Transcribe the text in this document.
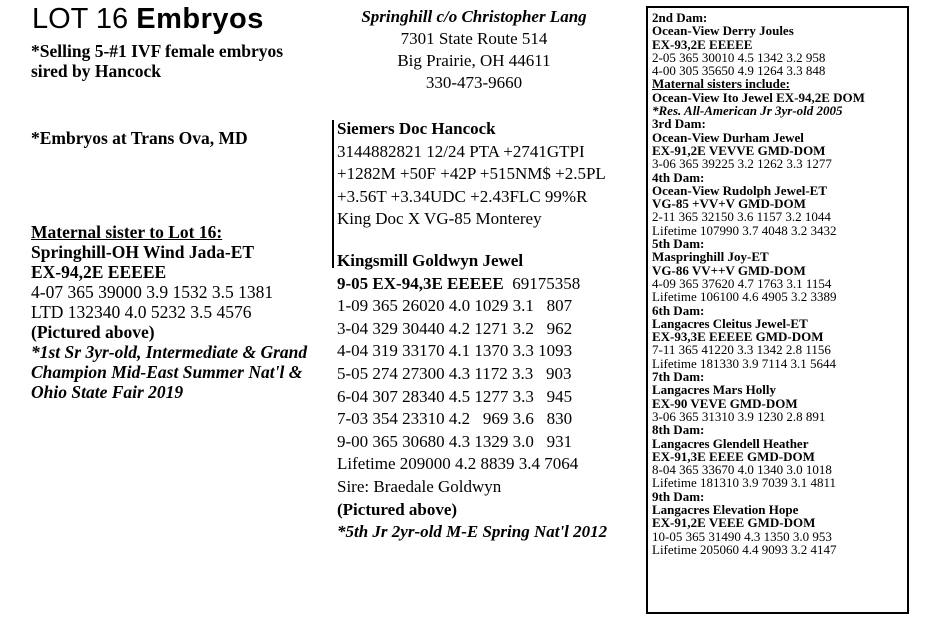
LOT 16 Embryos
*Selling 5-#1 IVF female embryos
sired by Hancock
*Embryos at Trans Ova, MD
Maternal sister to Lot 16:
Springhill-OH Wind Jada-ET
EX-94,2E EEEEE
4-07 365 39000 3.9 1532 3.5 1381
LTD 132340 4.0 5232 3.5 4576
(Pictured above)
*1st Sr 3yr-old, Intermediate & Grand
Champion Mid-East Summer Nat'l &
Ohio State Fair 2019
Springhill c/o Christopher Lang
7301 State Route 514
Big Prairie, OH 44611
330-473-9660
Siemers Doc Hancock
3144882821 12/24 PTA +2741GTPI
+1282M +50F +42P +515NM$ +2.5PL
+3.56T +3.34UDC +2.43FLC 99%R
King Doc X VG-85 Monterey
Kingsmill Goldwyn Jewel
9-05 EX-94,3E EEEEE 69175358
1-09 365 26020 4.0 1029 3.1   807
3-04 329 30440 4.2 1271 3.2   962
4-04 319 33170 4.1 1370 3.3 1093
5-05 274 27300 4.3 1172 3.3   903
6-04 307 28340 4.5 1277 3.3   945
7-03 354 23310 4.2   969 3.6   830
9-00 365 30680 4.3 1329 3.0   931
Lifetime 209000 4.2 8839 3.4 7064
Sire: Braedale Goldwyn
(Pictured above)
*5th Jr 2yr-old M-E Spring Nat'l 2012
2nd Dam:
Ocean-View Derry Joules
EX-93,2E EEEEE
2-05 365 30010 4.5 1342 3.2 958
4-00 305 35650 4.9 1264 3.3 848
Maternal sisters include:
Ocean-View Ito Jewel EX-94,2E DOM
*Res. All-American Jr 3yr-old 2005
3rd Dam:
Ocean-View Durham Jewel
EX-91,2E VEVVE GMD-DOM
3-06 365 39225 3.2 1262 3.3 1277
4th Dam:
Ocean-View Rudolph Jewel-ET
VG-85 +VV+V GMD-DOM
2-11 365 32150 3.6 1157 3.2 1044
Lifetime 107990 3.7 4048 3.2 3432
5th Dam:
Maspringhill Joy-ET
VG-86 VV++V GMD-DOM
4-09 365 37620 4.7 1763 3.1 1154
Lifetime 106100 4.6 4905 3.2 3389
6th Dam:
Langacres Cleitus Jewel-ET
EX-93,3E EEEEE GMD-DOM
7-11 365 41220 3.3 1342 2.8 1156
Lifetime 181330 3.9 7114 3.1 5644
7th Dam:
Langacres Mars Holly
EX-90 VEVE GMD-DOM
3-06 365 31310 3.9 1230 2.8 891
8th Dam:
Langacres Glendell Heather
EX-91,3E EEEE GMD-DOM
8-04 365 33670 4.0 1340 3.0 1018
Lifetime 181310 3.9 7039 3.1 4811
9th Dam:
Langacres Elevation Hope
EX-91,2E VEEE GMD-DOM
10-05 365 31490 4.3 1350 3.0 953
Lifetime 205060 4.4 9093 3.2 4147
